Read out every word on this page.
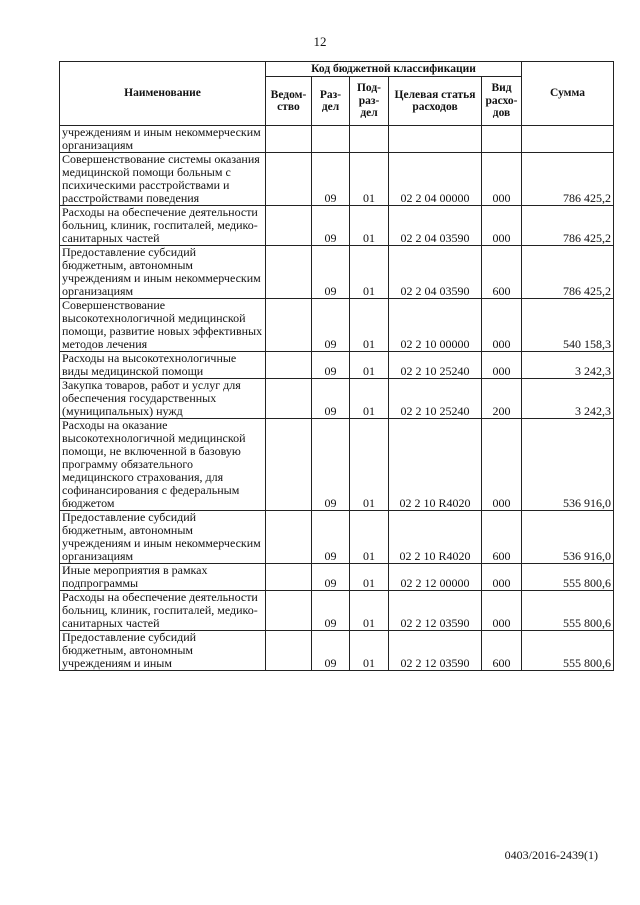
12
Наименование	Код бюджетной классификации					Сумма
	Ведом-ство	Раз-дел	Под-раз-дел	Целевая статья расходов	Вид расхо-дов	
учреждениям и иным некоммерческим организациям						
Совершенствование системы оказания медицинской помощи больным с психическими расстройствами и расстройствами поведения		09	01	02 2 04 00000	000	786 425,2
Расходы на обеспечение деятельности больниц, клиник, госпиталей, медико-санитарных частей		09	01	02 2 04 03590	000	786 425,2
Предоставление субсидий бюджетным, автономным учреждениям и иным некоммерческим организациям		09	01	02 2 04 03590	600	786 425,2
Совершенствование высокотехнологичной медицинской помощи, развитие новых эффективных методов лечения		09	01	02 2 10 00000	000	540 158,3
Расходы на высокотехнологичные виды медицинской помощи		09	01	02 2 10 25240	000	3 242,3
Закупка товаров, работ и услуг для обеспечения государственных (муниципальных) нужд		09	01	02 2 10 25240	200	3 242,3
Расходы на оказание высокотехнологичной медицинской помощи, не включенной в базовую программу обязательного медицинского страхования, для софинансирования с федеральным бюджетом		09	01	02 2 10 R4020	000	536 916,0
Предоставление субсидий бюджетным, автономным учреждениям и иным некоммерческим организациям		09	01	02 2 10 R4020	600	536 916,0
Иные мероприятия в рамках подпрограммы		09	01	02 2 12 00000	000	555 800,6
Расходы на обеспечение деятельности больниц, клиник, госпиталей, медико-санитарных частей		09	01	02 2 12 03590	000	555 800,6
Предоставление субсидий бюджетным, автономным учреждениям и иным		09	01	02 2 12 03590	600	555 800,6
0403/2016-2439(1)
